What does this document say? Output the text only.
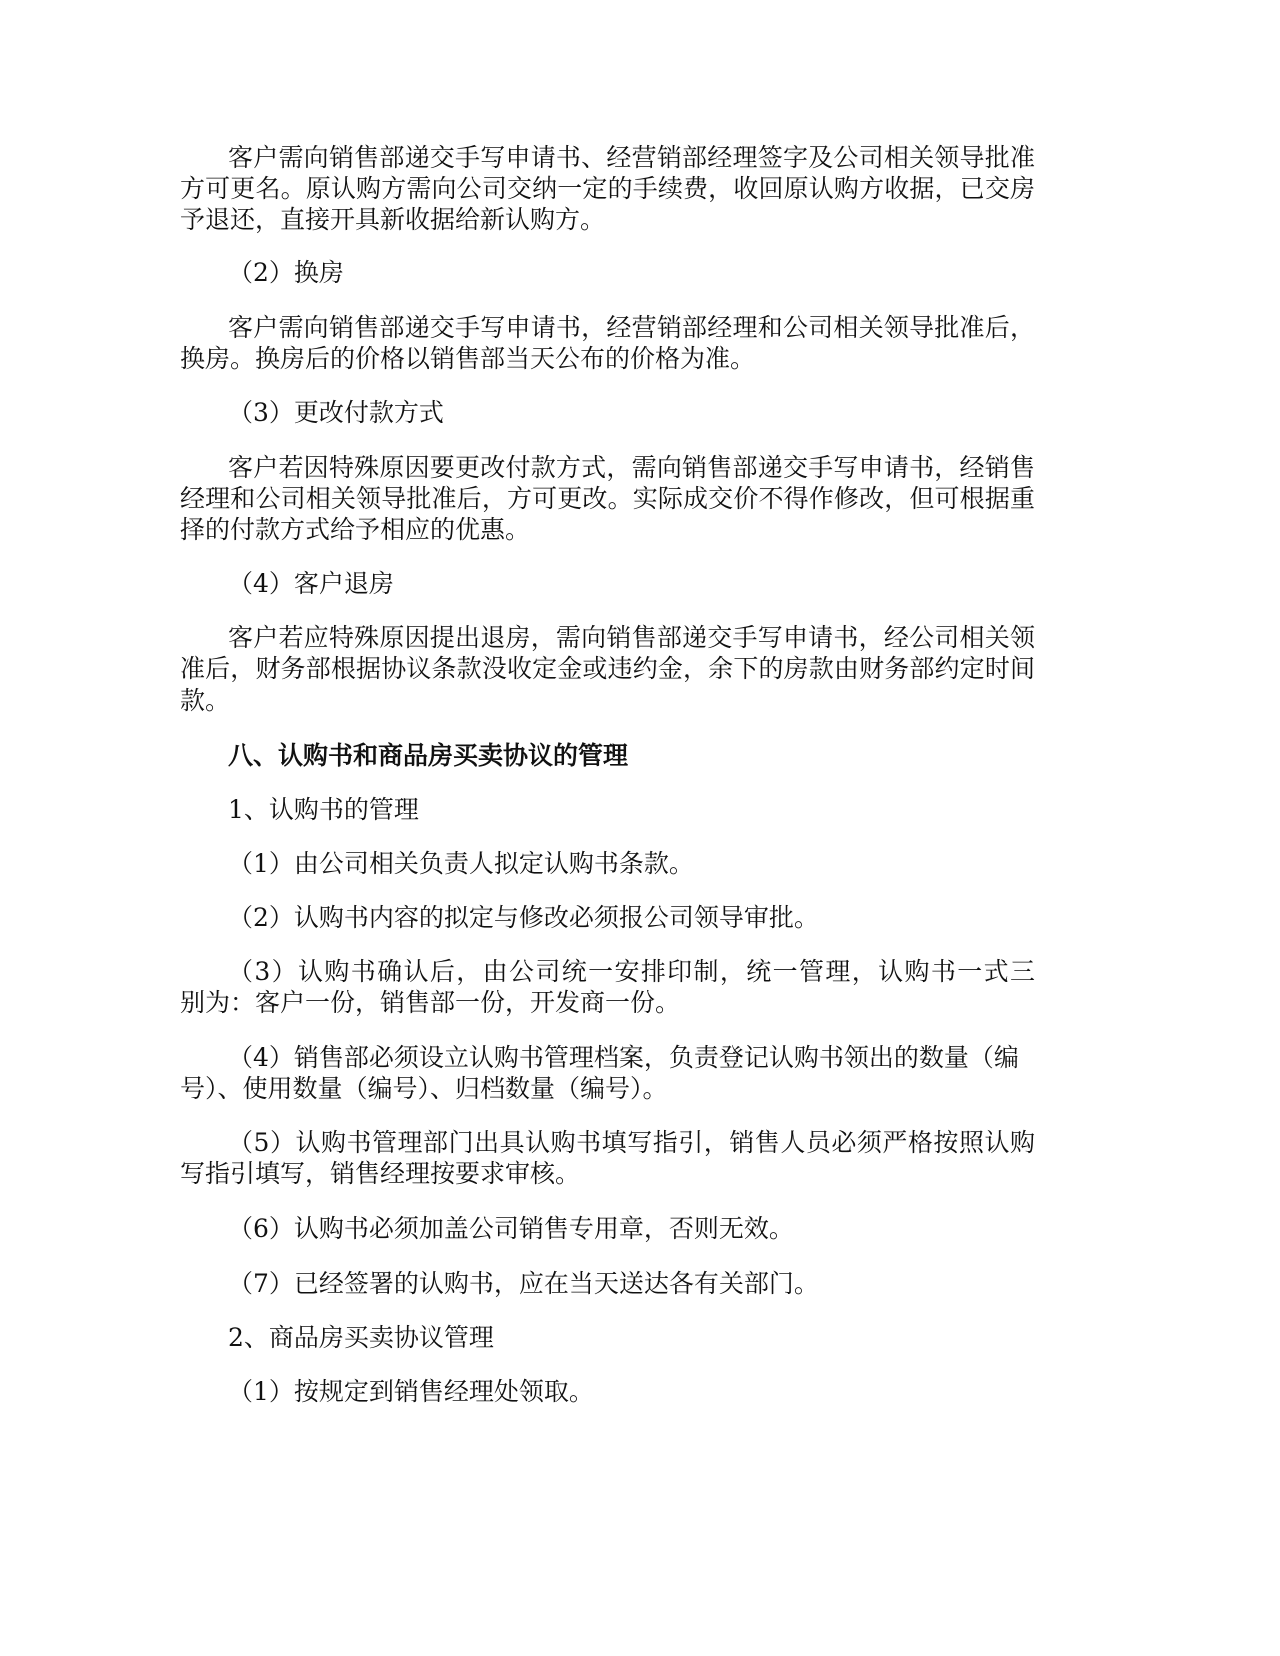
客户需向销售部递交手写申请书、经营销部经理签字及公司相关领导批准
方可更名。原认购方需向公司交纳一定的手续费，收回原认购方收据，已交房
予退还，直接开具新收据给新认购方。
（2）换房
客户需向销售部递交手写申请书，经营销部经理和公司相关领导批准后，
换房。换房后的价格以销售部当天公布的价格为准。
（3）更改付款方式
客户若因特殊原因要更改付款方式，需向销售部递交手写申请书，经销售
经理和公司相关领导批准后，方可更改。实际成交价不得作修改，但可根据重
择的付款方式给予相应的优惠。
（4）客户退房
客户若应特殊原因提出退房，需向销售部递交手写申请书，经公司相关领
准后，财务部根据协议条款没收定金或违约金，余下的房款由财务部约定时间
款。
八、认购书和商品房买卖协议的管理
1、认购书的管理
（1）由公司相关负责人拟定认购书条款。
（2）认购书内容的拟定与修改必须报公司领导审批。
（3）认购书确认后，由公司统一安排印制，统一管理，认购书一式三
别为：客户一份，销售部一份，开发商一份。
（4）销售部必须设立认购书管理档案，负责登记认购书领出的数量（编
号）、使用数量（编号）、归档数量（编号）。
（5）认购书管理部门出具认购书填写指引，销售人员必须严格按照认购
写指引填写，销售经理按要求审核。
（6）认购书必须加盖公司销售专用章，否则无效。
（7）已经签署的认购书，应在当天送达各有关部门。
2、商品房买卖协议管理
（1）按规定到销售经理处领取。
